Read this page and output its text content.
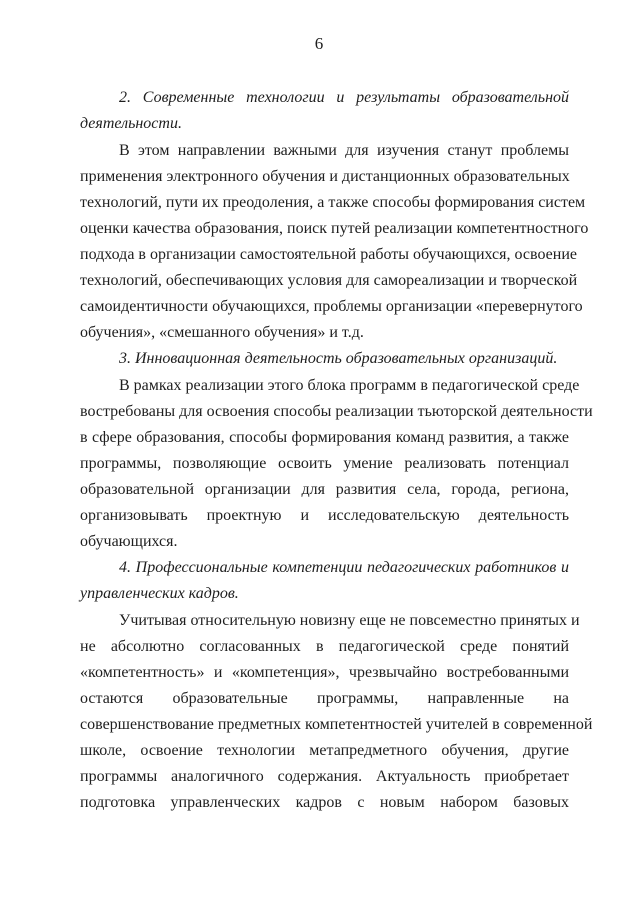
6
2. Современные технологии и результаты образовательной
деятельности.
В этом направлении важными для изучения станут проблемы
применения электронного обучения и дистанционных образовательных
технологий, пути их преодоления, а также способы формирования систем
оценки качества образования, поиск путей реализации компетентностного
подхода в организации самостоятельной работы обучающихся, освоение
технологий, обеспечивающих условия для самореализации и творческой
самоидентичности обучающихся, проблемы организации «перевернутого
обучения», «смешанного обучения» и т.д.
3. Инновационная деятельность образовательных организаций.
В рамках реализации этого блока программ в педагогической среде
востребованы для освоения способы реализации тьюторской деятельности
в сфере образования, способы формирования команд развития, а также
программы, позволяющие освоить умение реализовать потенциал
образовательной организации для развития села, города, региона,
организовывать проектную и исследовательскую деятельность
обучающихся.
4. Профессиональные компетенции педагогических работников и
управленческих кадров.
Учитывая относительную новизну еще не повсеместно принятых и
не абсолютно согласованных в педагогической среде понятий
«компетентность» и «компетенция», чрезвычайно востребованными
остаются образовательные программы, направленные на
совершенствование предметных компетентностей учителей в современной
школе, освоение технологии метапредметного обучения, другие
программы аналогичного содержания. Актуальность приобретает
подготовка управленческих кадров с новым набором базовых
